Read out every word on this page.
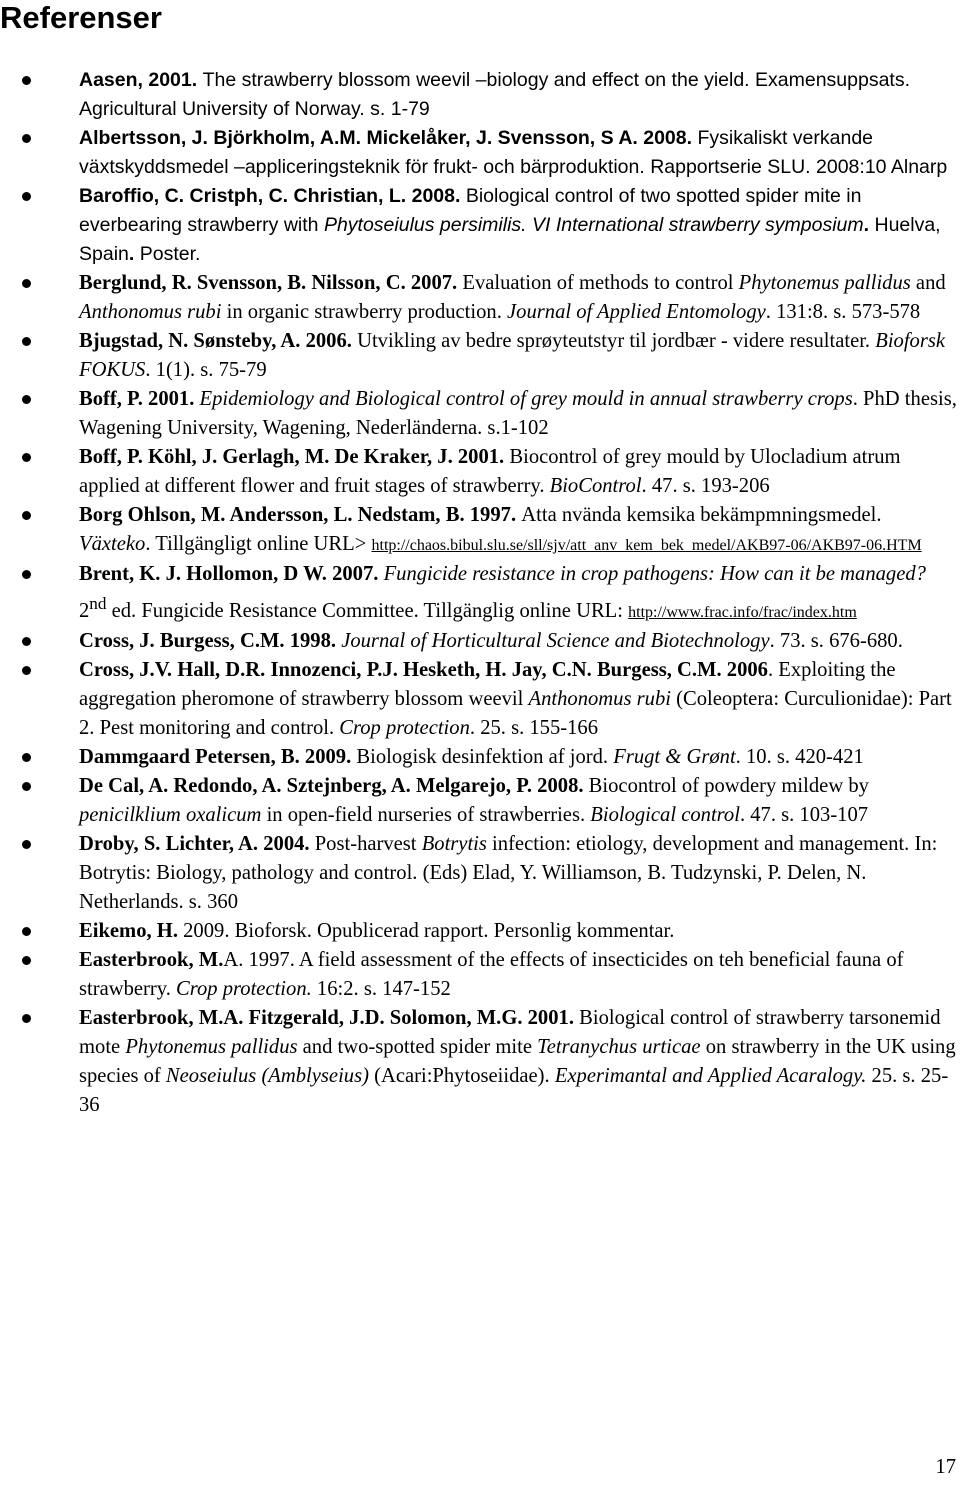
Referenser
Aasen, 2001. The strawberry blossom weevil –biology and effect on the yield. Examensuppsats. Agricultural University of Norway. s. 1-79
Albertsson, J. Björkholm, A.M. Mickelåker, J. Svensson, S A. 2008. Fysikaliskt verkande växtskyddsmedel –appliceringsteknik för frukt- och bärproduktion. Rapportserie SLU. 2008:10 Alnarp
Baroffio, C. Cristph, C. Christian, L. 2008. Biological control of two spotted spider mite in everbearing strawberry with Phytoseiulus persimilis. VI International strawberry symposium. Huelva, Spain. Poster.
Berglund, R. Svensson, B. Nilsson, C. 2007. Evaluation of methods to control Phytonemus pallidus and Anthonomus rubi in organic strawberry production. Journal of Applied Entomology. 131:8. s. 573-578
Bjugstad, N. Sønsteby, A. 2006. Utvikling av bedre sprøyteutstyr til jordbær - videre resultater. Bioforsk FOKUS. 1(1). s. 75-79
Boff, P. 2001. Epidemiology and Biological control of grey mould in annual strawberry crops. PhD thesis, Wagening University, Wagening, Nederländerna. s.1-102
Boff, P. Köhl, J. Gerlagh, M. De Kraker, J. 2001. Biocontrol of grey mould by Ulocladium atrum applied at different flower and fruit stages of strawberry. BioControl. 47. s. 193-206
Borg Ohlson, M. Andersson, L. Nedstam, B. 1997. Atta nvända kemsika bekämpmningsmedel. Växteko. Tillgängligt online URL> http://chaos.bibul.slu.se/sll/sjv/att_anv_kem_bek_medel/AKB97-06/AKB97-06.HTM
Brent, K. J. Hollomon, D W. 2007. Fungicide resistance in crop pathogens: How can it be managed? 2nd ed. Fungicide Resistance Committee. Tillgänglig online URL: http://www.frac.info/frac/index.htm
Cross, J. Burgess, C.M. 1998. Journal of Horticultural Science and Biotechnology. 73. s. 676-680.
Cross, J.V. Hall, D.R. Innozenci, P.J. Hesketh, H. Jay, C.N. Burgess, C.M. 2006. Exploiting the aggregation pheromone of strawberry blossom weevil Anthonomus rubi (Coleoptera: Curculionidae): Part 2. Pest monitoring and control. Crop protection. 25. s. 155-166
Dammgaard Petersen, B. 2009. Biologisk desinfektion af jord. Frugt & Grønt. 10. s. 420-421
De Cal, A. Redondo, A. Sztejnberg, A. Melgarejo, P. 2008. Biocontrol of powdery mildew by penicilklium oxalicum in open-field nurseries of strawberries. Biological control. 47. s. 103-107
Droby, S. Lichter, A. 2004. Post-harvest Botrytis infection: etiology, development and management. In: Botrytis: Biology, pathology and control. (Eds) Elad, Y. Williamson, B. Tudzynski, P. Delen, N. Netherlands. s. 360
Eikemo, H. 2009. Bioforsk. Opublicerad rapport. Personlig kommentar.
Easterbrook, M.A. 1997. A field assessment of the effects of insecticides on teh beneficial fauna of strawberry. Crop protection. 16:2. s. 147-152
Easterbrook, M.A. Fitzgerald, J.D. Solomon, M.G. 2001. Biological control of strawberry tarsonemid mote Phytonemus pallidus and two-spotted spider mite Tetranychus urticae on strawberry in the UK using species of Neoseiulus (Amblyseius) (Acari:Phytoseiidae). Experimantal and Applied Acaralogy. 25. s. 25-36
17
